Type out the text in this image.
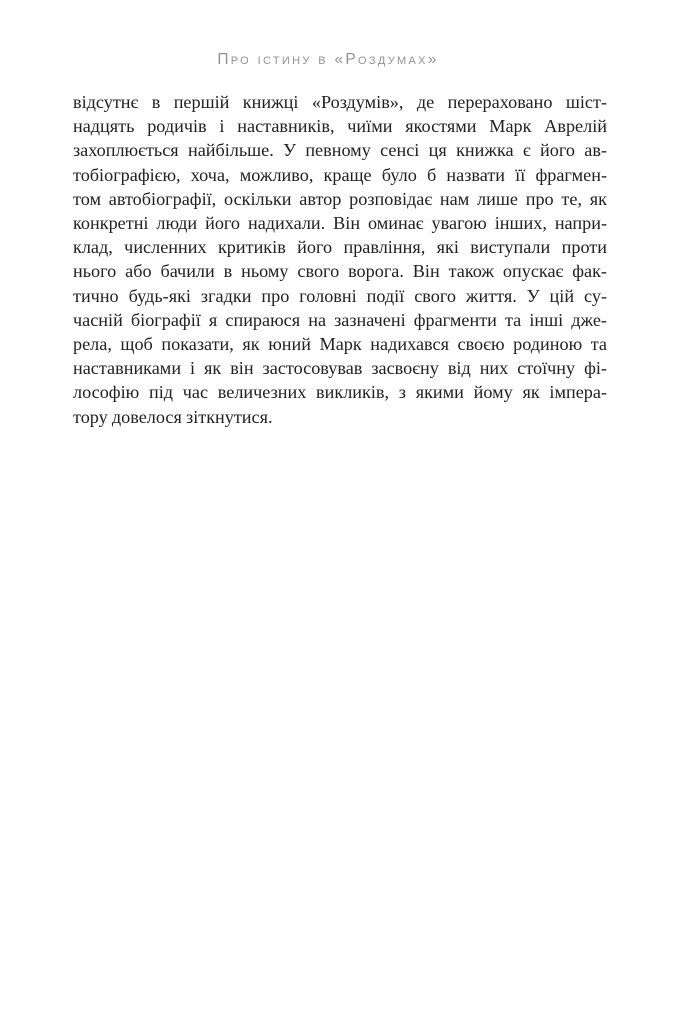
Про істину в «Роздумах»
відсутнє в першій книжці «Роздумів», де перераховано шіст-
надцять родичів і наставників, чиїми якостями Марк Аврелій
захоплюється найбільше. У певному сенсі ця книжка є його ав-
тобіографією, хоча, можливо, краще було б назвати її фрагмен-
том автобіографії, оскільки автор розповідає нам лише про те, як
конкретні люди його надихали. Він оминає увагою інших, напри-
клад, численних критиків його правління, які виступали проти
нього або бачили в ньому свого ворога. Він також опускає фак-
тично будь-які згадки про головні події свого життя. У цій су-
часній біографії я спираюся на зазначені фрагменти та інші дже-
рела, щоб показати, як юний Марк надихався своєю родиною та
наставниками і як він застосовував засвоєну від них стоїчну фі-
лософію під час величезних викликів, з якими йому як імпера-
тору довелося зіткнутися.
